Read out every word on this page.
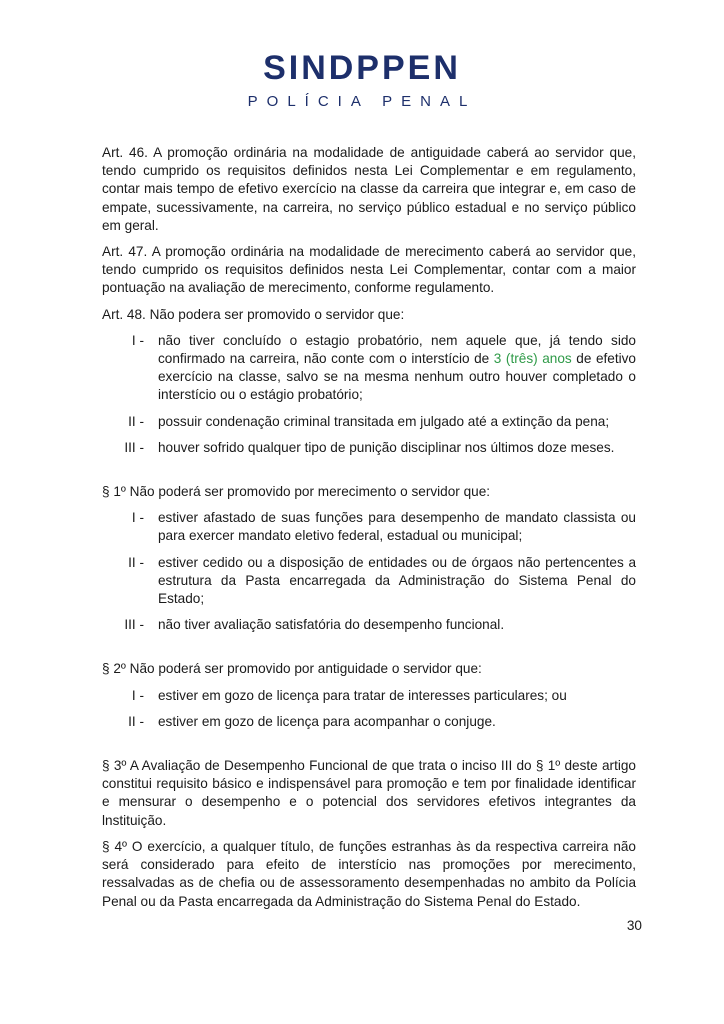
SINDPPEN
POLÍCIA PENAL

Art. 46. A promoção ordinária na modalidade de antiguidade caberá ao servidor que, tendo cumprido os requisitos definidos nesta Lei Complementar e em regulamento, contar mais tempo de efetivo exercício na classe da carreira que integrar e, em caso de empate, sucessivamente, na carreira, no serviço público estadual e no serviço público em geral.

Art. 47. A promoção ordinária na modalidade de merecimento caberá ao servidor que, tendo cumprido os requisitos definidos nesta Lei Complementar, contar com a maior pontuação na avaliação de merecimento, conforme regulamento.

Art. 48. Não podera ser promovido o servidor que:

I -	não tiver concluído o estagio probatório, nem aquele que, já tendo sido confirmado na carreira, não conte com o interstício de 3 (três) anos de efetivo exercício na classe, salvo se na mesma nenhum outro houver completado o interstício ou o estágio probatório;
II -	possuir condenação criminal transitada em julgado até a extinção da pena;
III -	houver sofrido qualquer tipo de punição disciplinar nos últimos doze meses.

§ 1º Não poderá ser promovido por merecimento o servidor que:

I -	estiver afastado de suas funções para desempenho de mandato classista ou para exercer mandato eletivo federal, estadual ou municipal;
II -	estiver cedido ou a disposição de entidades ou de órgaos não pertencentes a estrutura da Pasta encarregada da Administração do Sistema Penal do Estado;
III -	não tiver avaliação satisfatória do desempenho funcional.

§ 2º Não poderá ser promovido por antiguidade o servidor que:

I -	estiver em gozo de licença para tratar de interesses particulares; ou
II -	estiver em gozo de licença para acompanhar o conjuge.

§ 3º A Avaliação de Desempenho Funcional de que trata o inciso III do § 1º deste artigo constitui requisito básico e indispensável para promoção e tem por finalidade identificar e mensurar o desempenho e o potencial dos servidores efetivos integrantes da lnstituição.

§ 4º O exercício, a qualquer título, de funções estranhas às da respectiva carreira não será considerado para efeito de interstício nas promoções por merecimento, ressalvadas as de chefia ou de assessoramento desempenhadas no ambito da Polícia Penal ou da Pasta encarregada da Administração do Sistema Penal do Estado.

30
